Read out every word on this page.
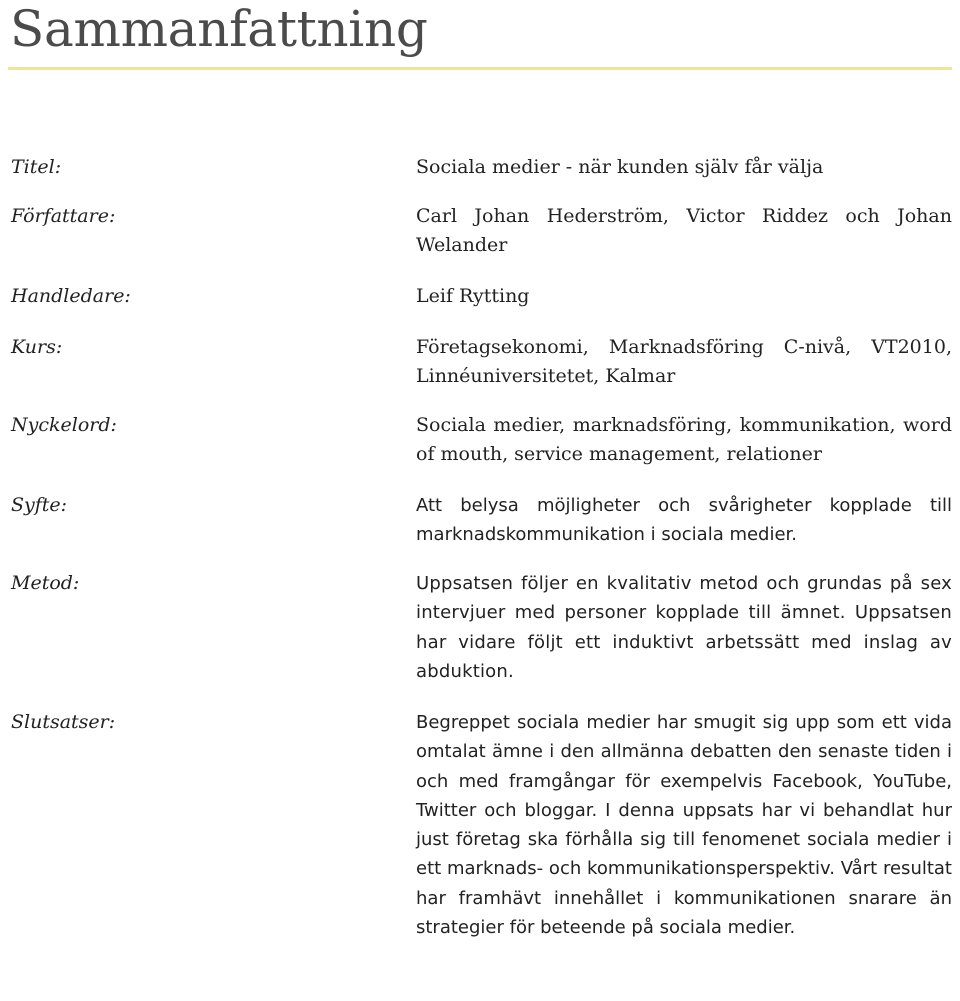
Sammanfattning
Titel:	Sociala medier - när kunden själv får välja

Författare:	Carl Johan Hederström, Victor Riddez och Johan Welander

Handledare:	Leif Rytting

Kurs:	Företagsekonomi, Marknadsföring C-nivå, VT2010, Linnéuniversitetet, Kalmar

Nyckelord:	Sociala medier, marknadsföring, kommunikation, word of mouth, service management, relationer

Syfte:	Att belysa möjligheter och svårigheter kopplade till marknadskommunikation i sociala medier.

Metod:	Uppsatsen följer en kvalitativ metod och grundas på sex intervjuer med personer kopplade till ämnet. Uppsatsen har vidare följt ett induktivt arbetssätt med inslag av abduktion.

Slutsatser:	Begreppet sociala medier har smugit sig upp som ett vida omtalat ämne i den allmänna debatten den senaste tiden i och med framgångar för exempelvis Facebook, YouTube, Twitter och bloggar. I denna uppsats har vi behandlat hur just företag ska förhålla sig till fenomenet sociala medier i ett marknads- och kommunikationsperspektiv. Vårt resultat har framhävt innehållet i kommunikationen snarare än strategier för beteende på sociala medier.
